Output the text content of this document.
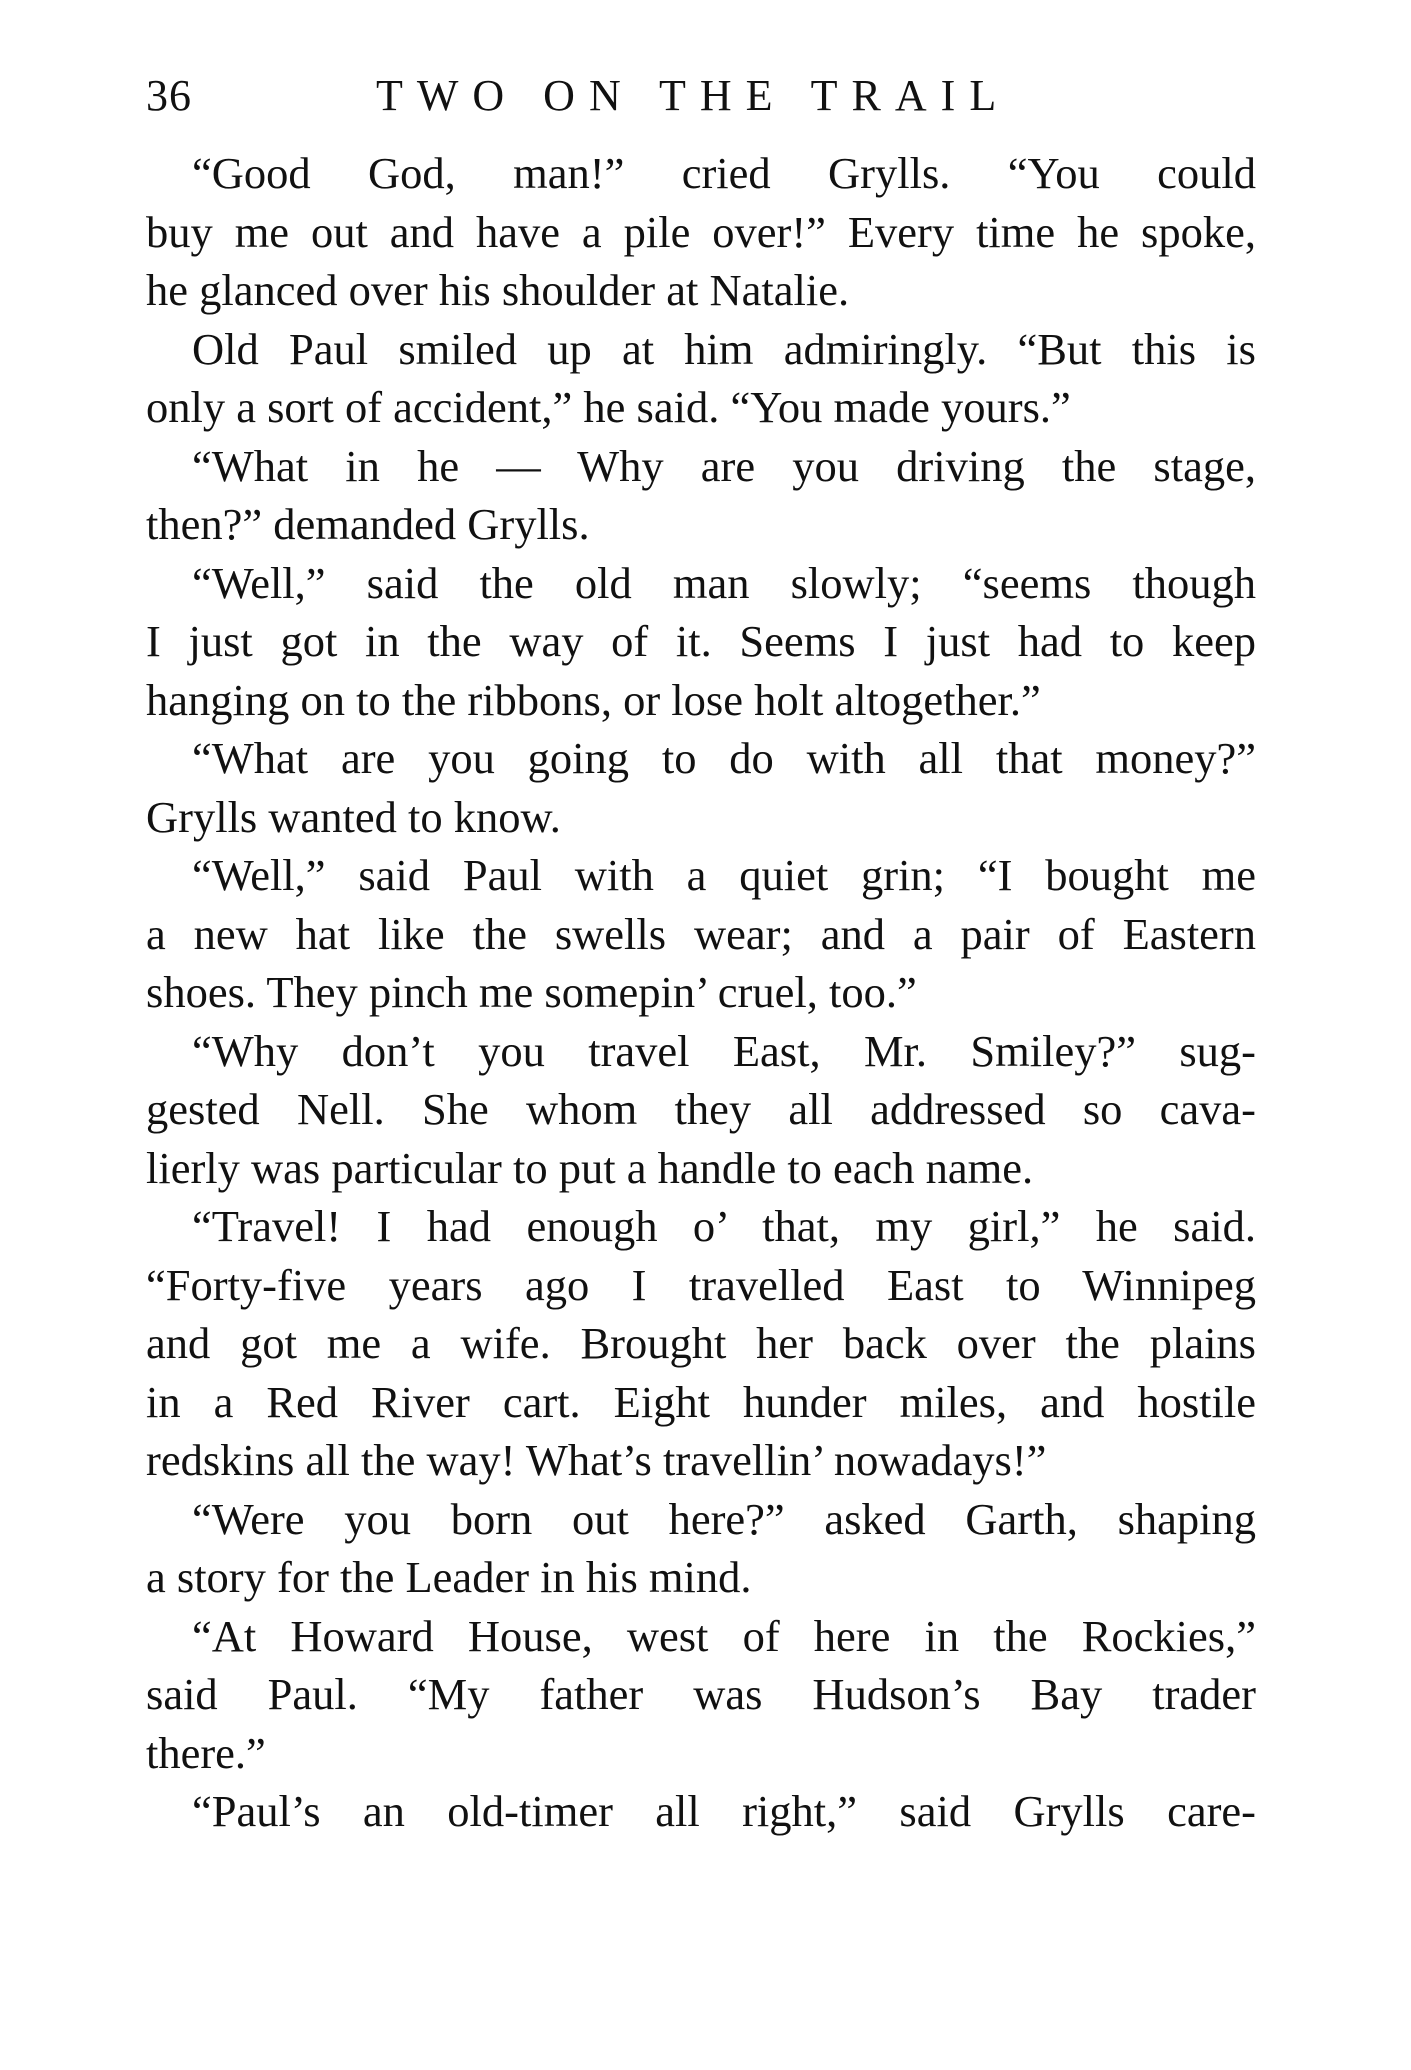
36	TWO ON THE TRAIL
“Good God, man!” cried Grylls. “You could
buy me out and have a pile over!” Every time he spoke,
he glanced over his shoulder at Natalie.
Old Paul smiled up at him admiringly. “But this is
only a sort of accident,” he said. “You made yours.”
“What in he — Why are you driving the stage,
then?” demanded Grylls.
“Well,” said the old man slowly; “seems though
I just got in the way of it. Seems I just had to keep
hanging on to the ribbons, or lose holt altogether.”
“What are you going to do with all that money?”
Grylls wanted to know.
“Well,” said Paul with a quiet grin; “I bought me
a new hat like the swells wear; and a pair of Eastern
shoes. They pinch me somepin’ cruel, too.”
“Why don’t you travel East, Mr. Smiley?” sug-
gested Nell. She whom they all addressed so cava-
lierly was particular to put a handle to each name.
“Travel! I had enough o’ that, my girl,” he said.
“Forty-five years ago I travelled East to Winnipeg
and got me a wife. Brought her back over the plains
in a Red River cart. Eight hunder miles, and hostile
redskins all the way! What’s travellin’ nowadays!”
“Were you born out here?” asked Garth, shaping
a story for the Leader in his mind.
“At Howard House, west of here in the Rockies,”
said Paul. “My father was Hudson’s Bay trader
there.”
“Paul’s an old-timer all right,” said Grylls care-
